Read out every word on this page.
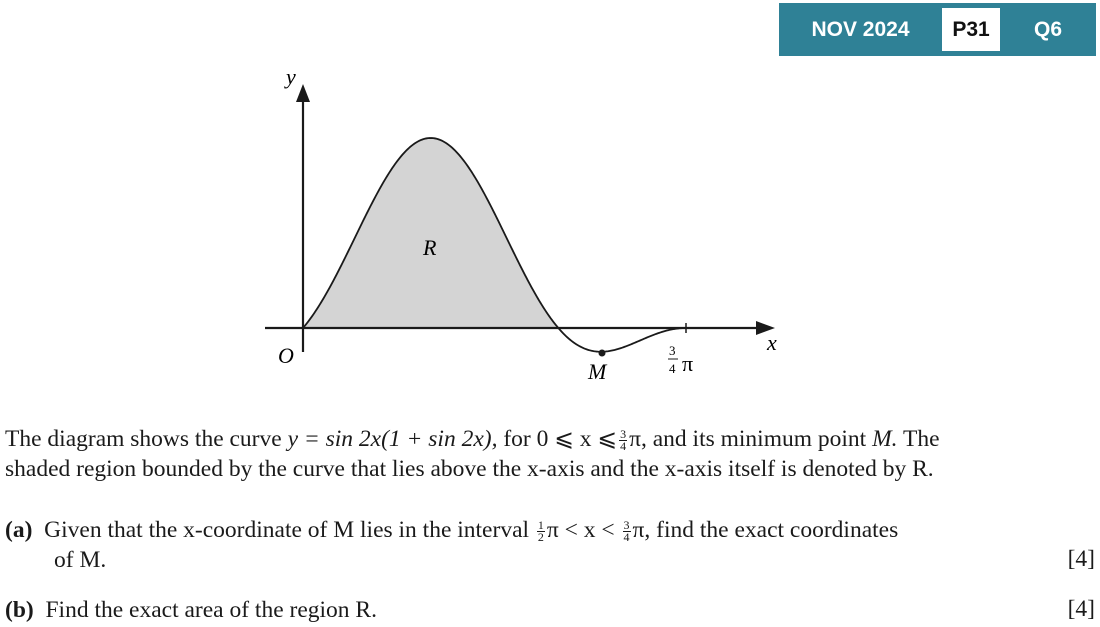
NOV 2024	P31	Q6
y
x
O
R
M
3
4 π
The diagram shows the curve y = sin 2x(1 + sin 2x), for 0 ⩽ x ⩽ $\frac{3}{4} \pi$, and its minimum point M. The
shaded region bounded by the curve that lies above the x-axis and the x-axis itself is denoted by R.
(a) Given that the x-coordinate of M lies in the interval $\frac{1}{2}$ $\pi < x < \frac{3}{4} \pi$, find the exact coordinates
of M.	[4]
(b) Find the exact area of the region R.	[4]
